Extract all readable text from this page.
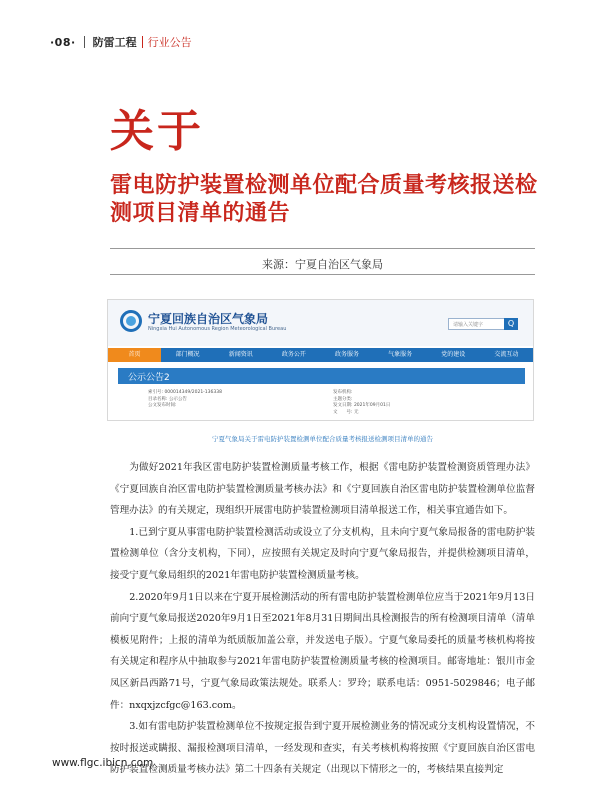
·08· 防雷工程 行业公告
关于
雷电防护装置检测单位配合质量考核报送检测项目清单的通告
来源：宁夏自治区气象局
宁夏回族自治区气象局
Ningxia Hui Autonomous Region Meteorological Bureau
请输入关键字	Q
首页	部门概况	新闻资讯	政务公开	政务服务	气象服务	党的建设	交流互动
公示公告2
索引号: 000014349/2021-136338	发布机构:
目录名称: 公示公告	主题分类:
公文发布时间:	发文日期: 2021年09月01日
文　　号: 无
宁夏气象局关于雷电防护装置检测单位配合质量考核报送检测项目清单的通告

为做好2021年我区雷电防护装置检测质量考核工作，根据《雷电防护装置检测资质管理办法》《宁夏回族自治区雷电防护装置检测质量考核办法》和《宁夏回族自治区雷电防护装置检测单位监督管理办法》的有关规定，现组织开展雷电防护装置检测项目清单报送工作，相关事宜通告如下。

1.已到宁夏从事雷电防护装置检测活动或设立了分支机构，且未向宁夏气象局报备的雷电防护装置检测单位（含分支机构，下同），应按照有关规定及时向宁夏气象局报告，并提供检测项目清单，接受宁夏气象局组织的2021年雷电防护装置检测质量考核。

2.2020年9月1日以来在宁夏开展检测活动的所有雷电防护装置检测单位应当于2021年9月13日前向宁夏气象局报送2020年9月1日至2021年8月31日期间出具检测报告的所有检测项目清单（清单模板见附件；上报的清单为纸质版加盖公章，并发送电子版）。宁夏气象局委托的质量考核机构将按有关规定和程序从中抽取参与2021年雷电防护装置检测质量考核的检测项目。邮寄地址：银川市金凤区新昌西路71号，宁夏气象局政策法规处。联系人：罗玲；联系电话：0951-5029846；电子邮件：nxqxjzcfgc@163.com。

3.如有雷电防护装置检测单位不按规定报告到宁夏开展检测业务的情况或分支机构设置情况，不按时报送或瞒报、漏报检测项目清单，一经发现和查实，有关考核机构将按照《宁夏回族自治区雷电防护装置检测质量考核办法》第二十四条有关规定（出现以下情形之一的，考核结果直接判定

www.flgc.ibicn.com
